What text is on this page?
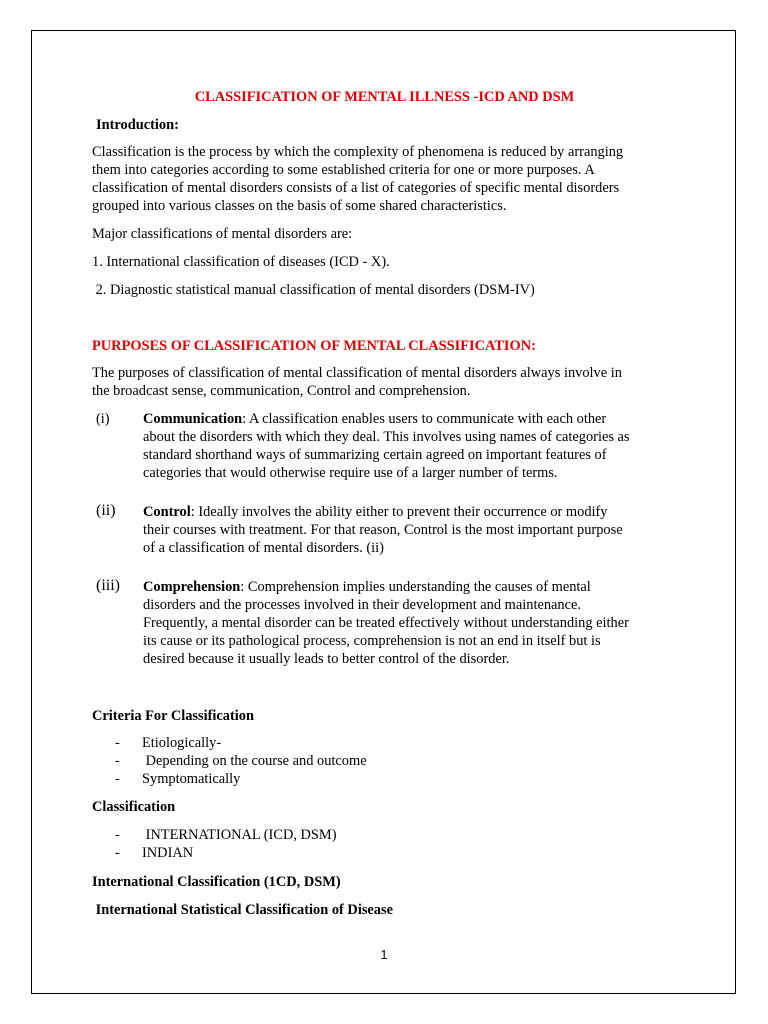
CLASSIFICATION OF MENTAL ILLNESS -ICD AND DSM
Introduction:

Classification is the process by which the complexity of phenomena is reduced by arranging

them into categories according to some established criteria for one or more purposes. A

classification of mental disorders consists of a list of categories of specific mental disorders

grouped into various classes on the basis of some shared characteristics.

Major classifications of mental disorders are:
1. International classification of diseases (ICD - X).
2. Diagnostic statistical manual classification of mental disorders (DSM-IV)
PURPOSES OF CLASSIFICATION OF MENTAL CLASSIFICATION:

The purposes of classification of mental classification of mental disorders always involve in

the broadcast sense, communication, Control and comprehension.

(i) Communication: A classification enables users to communicate with each other

about the disorders with which they deal. This involves using names of categories as

standard shorthand ways of summarizing certain agreed on important features of

categories that would otherwise require use of a larger number of terms.

(ii) Control: Ideally involves the ability either to prevent their occurrence or modify

their courses with treatment. For that reason, Control is the most important purpose

of a classification of mental disorders. (ii)

(iii) Comprehension: Comprehension implies understanding the causes of mental

disorders and the processes involved in their development and maintenance.

Frequently, a mental disorder can be treated effectively without understanding either

its cause or its pathological process, comprehension is not an end in itself but is

desired because it usually leads to better control of the disorder.

Criteria For Classification
- Etiologically-
- Depending on the course and outcome
- Symptomatically
Classification
- INTERNATIONAL (ICD, DSM)
- INDIAN
International Classification (1CD, DSM)
International Statistical Classification of Disease
1
